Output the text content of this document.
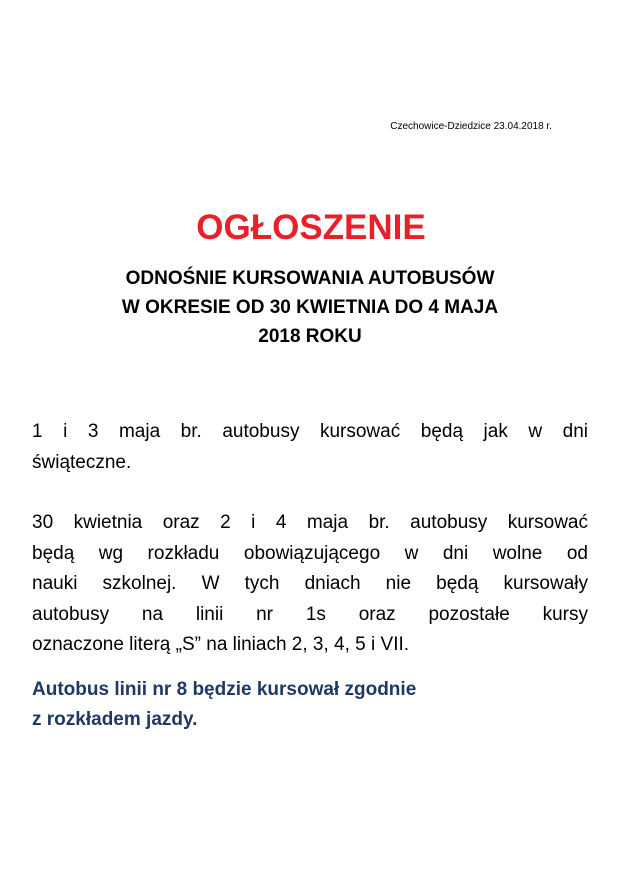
Czechowice-Dziedzice 23.04.2018 r.
OGŁOSZENIE
ODNOŚNIE KURSOWANIA AUTOBUSÓW
W OKRESIE OD 30 KWIETNIA DO 4 MAJA
2018 ROKU

1 i 3 maja br. autobusy kursować będą jak w dni
świąteczne.

30 kwietnia oraz 2 i 4 maja br. autobusy kursować
będą wg rozkładu obowiązującego w dni wolne od
nauki szkolnej. W tych dniach nie będą kursowały
autobusy na linii nr 1s oraz pozostałe kursy
oznaczone literą „S” na liniach 2, 3, 4, 5 i VII.

Autobus linii nr 8 będzie kursował zgodnie
z rozkładem jazdy.
